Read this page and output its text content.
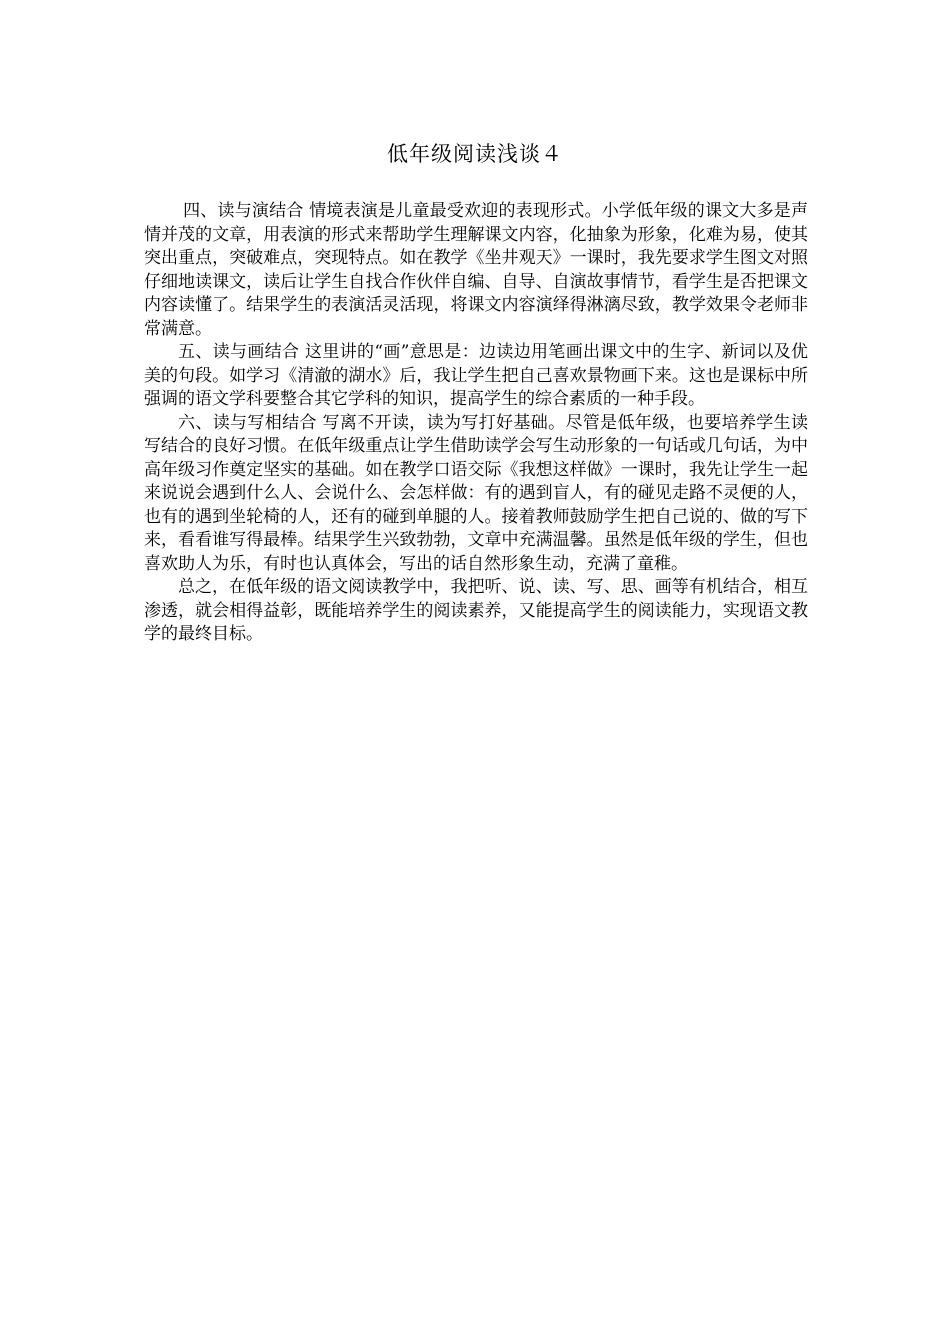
低年级阅读浅谈４

四、读与演结合 情境表演是儿童最受欢迎的表现形式。小学低年级的课文大多是声情并茂的文章，用表演的形式来帮助学生理解课文内容，化抽象为形象，化难为易，使其突出重点，突破难点，突现特点。如在教学《坐井观天》一课时，我先要求学生图文对照仔细地读课文，读后让学生自找合作伙伴自编、自导、自演故事情节，看学生是否把课文内容读懂了。结果学生的表演活灵活现，将课文内容演绎得淋漓尽致，教学效果令老师非常满意。

五、读与画结合 这里讲的“画”意思是：边读边用笔画出课文中的生字、新词以及优美的句段。如学习《清澈的湖水》后，我让学生把自己喜欢景物画下来。这也是课标中所强调的语文学科要整合其它学科的知识，提高学生的综合素质的一种手段。

六、读与写相结合 写离不开读，读为写打好基础。尽管是低年级，也要培养学生读写结合的良好习惯。在低年级重点让学生借助读学会写生动形象的一句话或几句话，为中高年级习作奠定坚实的基础。如在教学口语交际《我想这样做》一课时，我先让学生一起来说说会遇到什么人、会说什么、会怎样做：有的遇到盲人，有的碰见走路不灵便的人，也有的遇到坐轮椅的人，还有的碰到单腿的人。接着教师鼓励学生把自己说的、做的写下来，看看谁写得最棒。结果学生兴致勃勃，文章中充满温馨。虽然是低年级的学生，但也喜欢助人为乐，有时也认真体会，写出的话自然形象生动，充满了童稚。

总之，在低年级的语文阅读教学中，我把听、说、读、写、思、画等有机结合，相互渗透，就会相得益彰，既能培养学生的阅读素养，又能提高学生的阅读能力，实现语文教学的最终目标。
